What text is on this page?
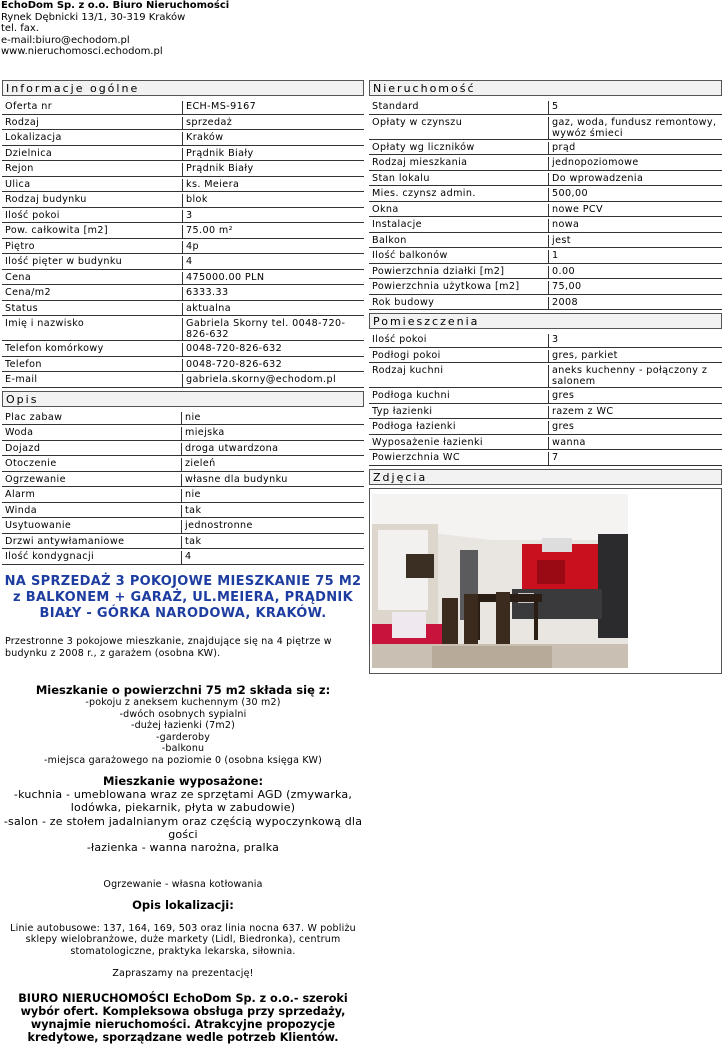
EchoDom Sp. z o.o. Biuro Nieruchomości
Rynek Dębnicki 13/1, 30-319 Kraków
tel. fax.
e-mail:biuro@echodom.pl
www.nieruchomosci.echodom.pl
Informacje ogólne
Oferta nr	ECH-MS-9167
Rodzaj	sprzedaż
Lokalizacja	Kraków
Dzielnica	Prądnik Biały
Rejon	Prądnik Biały
Ulica	ks. Meiera
Rodzaj budynku	blok
Ilość pokoi	3
Pow. całkowita [m2]	75.00 m²
Piętro	4p
Ilość pięter w budynku	4
Cena	475000.00 PLN
Cena/m2	6333.33
Status	aktualna
Imię i nazwisko	Gabriela Skorny tel. 0048-720-826-632
Telefon komórkowy	0048-720-826-632
Telefon	0048-720-826-632
E-mail	gabriela.skorny@echodom.pl
Opis
Plac zabaw	nie
Woda	miejska
Dojazd	droga utwardzona
Otoczenie	zieleń
Ogrzewanie	własne dla budynku
Alarm	nie
Winda	tak
Usytuowanie	jednostronne
Drzwi antywłamaniowe	tak
Ilość kondygnacji	4
Nieruchomość
Standard	5
Opłaty w czynszu	gaz, woda, fundusz remontowy, wywóz śmieci
Opłaty wg liczników	prąd
Rodzaj mieszkania	jednopoziomowe
Stan lokalu	Do wprowadzenia
Mies. czynsz admin.	500,00
Okna	nowe PCV
Instalacje	nowa
Balkon	jest
Ilość balkonów	1
Powierzchnia działki [m2]	0.00
Powierzchnia użytkowa [m2]	75,00
Rok budowy	2008
Pomieszczenia
Ilość pokoi	3
Podłogi pokoi	gres, parkiet
Rodzaj kuchni	aneks kuchenny - połączony z salonem
Podłoga kuchni	gres
Typ łazienki	razem z WC
Podłoga łazienki	gres
Wyposażenie łazienki	wanna
Powierzchnia WC	7
Zdjęcia
NA SPRZEDAŻ 3 POKOJOWE MIESZKANIE 75 M2 z BALKONEM + GARAŻ, UL.MEIERA, PRĄDNIK BIAŁY - GÓRKA NARODOWA, KRAKÓW.
Przestronne 3 pokojowe mieszkanie, znajdujące się na 4 piętrze w budynku z 2008 r., z garażem (osobna KW).
Mieszkanie o powierzchni 75 m2 składa się z:
-pokoju z aneksem kuchennym (30 m2)
-dwóch osobnych sypialni
-dużej łazienki (7m2)
-garderoby
-balkonu
-miejsca garażowego na poziomie 0 (osobna księga KW)
Mieszkanie wyposażone:
-kuchnia - umeblowana wraz ze sprzętami AGD (zmywarka, lodówka, piekarnik, płyta w zabudowie)
-salon - ze stołem jadalnianym oraz częścią wypoczynkową dla gości
-łazienka - wanna narożna, pralka
Ogrzewanie - własna kotłowania
Opis lokalizacji:
Linie autobusowe: 137, 164, 169, 503 oraz linia nocna 637. W pobliżu sklepy wielobranżowe, duże markety (Lidl, Biedronka), centrum stomatologiczne, praktyka lekarska, siłownia.
Zapraszamy na prezentację!
BIURO NIERUCHOMOŚCI EchoDom Sp. z o.o.- szeroki wybór ofert. Kompleksowa obsługa przy sprzedaży, wynajmie nieruchomości. Atrakcyjne propozycje kredytowe, sporządzane wedle potrzeb Klientów.
